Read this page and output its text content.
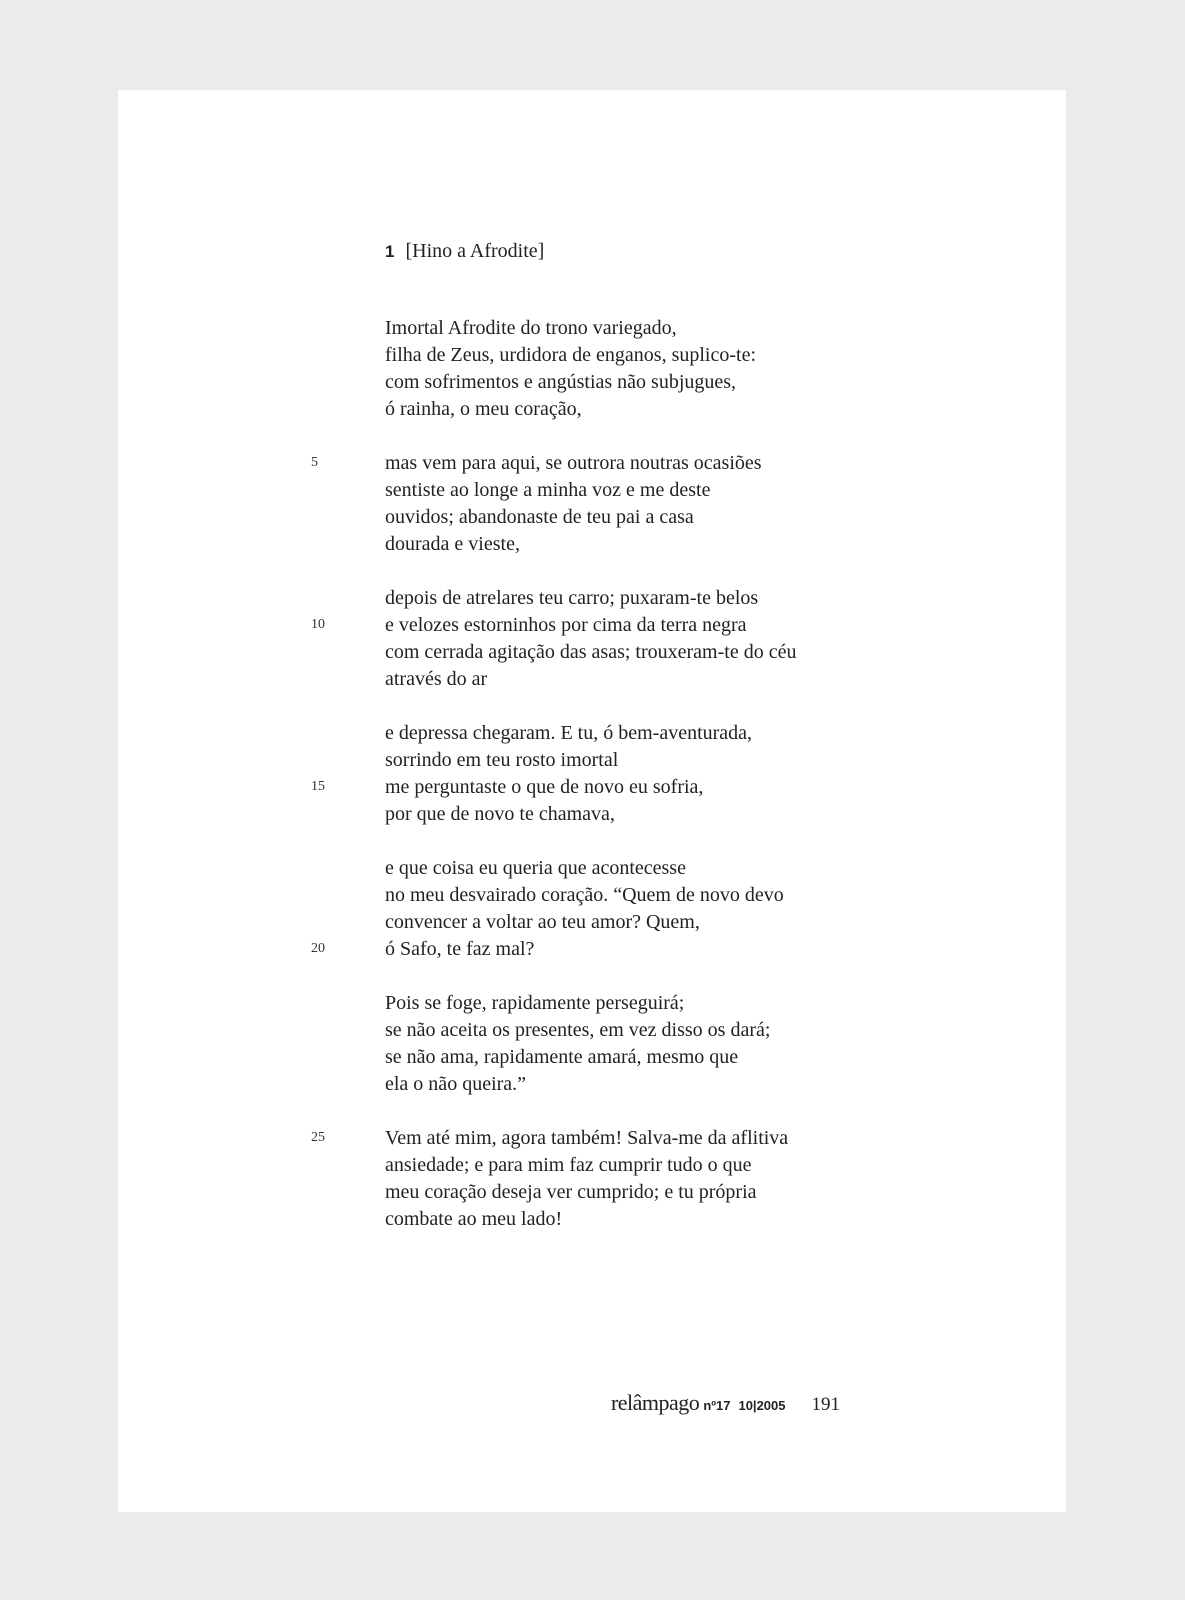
1 [Hino a Afrodite]
Imortal Afrodite do trono variegado,
filha de Zeus, urdidora de enganos, suplico-te:
com sofrimentos e angústias não subjugues,
ó rainha, o meu coração,
5	mas vem para aqui, se outrora noutras ocasiões
sentiste ao longe a minha voz e me deste
ouvidos; abandonaste de teu pai a casa
dourada e vieste,
depois de atrelares teu carro; puxaram-te belos
10	e velozes estorninhos por cima da terra negra
com cerrada agitação das asas; trouxeram-te do céu
através do ar
e depressa chegaram. E tu, ó bem-aventurada,
sorrindo em teu rosto imortal
15	me perguntaste o que de novo eu sofria,
por que de novo te chamava,
e que coisa eu queria que acontecesse
no meu desvairado coração. “Quem de novo devo
convencer a voltar ao teu amor? Quem,
20	ó Safo, te faz mal?
Pois se foge, rapidamente perseguirá;
se não aceita os presentes, em vez disso os dará;
se não ama, rapidamente amará, mesmo que
ela o não queira.”
25	Vem até mim, agora também! Salva-me da aflitiva
ansiedade; e para mim faz cumprir tudo o que
meu coração deseja ver cumprido; e tu própria
combate ao meu lado!
relâmpago nº17 10|2005 191
